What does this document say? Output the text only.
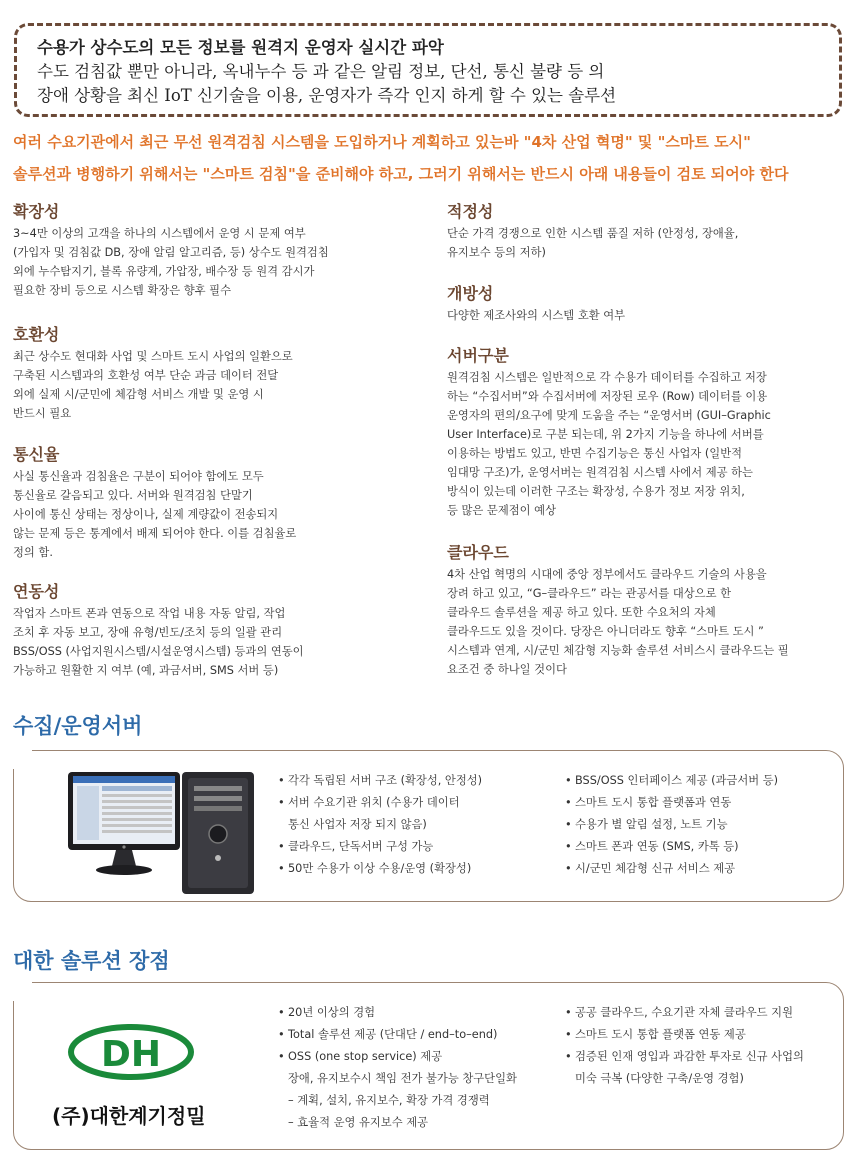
수용가 상수도의 모든 정보를 원격지 운영자 실시간 파악
수도 검침값 뿐만 아니라, 옥내누수 등 과 같은 알림 정보, 단선, 통신 불량 등 의
장애 상황을 최신 IoT 신기술을 이용, 운영자가 즉각 인지 하게 할 수 있는 솔루션
여러 수요기관에서 최근 무선 원격검침 시스템을 도입하거나 계획하고 있는바 "4차 산업 혁명" 및 "스마트 도시"
솔루션과 병행하기 위해서는 "스마트 검침"을 준비해야 하고, 그러기 위해서는 반드시 아래 내용들이 검토 되어야 한다
확장성

3~4만 이상의 고객을 하나의 시스템에서 운영 시 문제 여부

(가입자 및 검침값 DB, 장애 알림 알고리즘, 등) 상수도 원격검침

외에 누수탐지기, 블록 유량계, 가압장, 배수장 등 원격 감시가

필요한 장비 등으로 시스템 확장은 향후 필수

호환성

최근 상수도 현대화 사업 및 스마트 도시 사업의 일환으로

구축된 시스템과의 호환성 여부 단순 과금 데이터 전달

외에 실제 시/군민에 체감형 서비스 개발 및 운영 시

반드시 필요

통신율

사실 통신율과 검침율은 구분이 되어야 함에도 모두

통신율로 갈음되고 있다. 서버와 원격검침 단말기

사이에 통신 상태는 정상이나, 실제 계량값이 전송되지

않는 문제 등은 통계에서 배제 되어야 한다. 이를 검침율로

정의 함.

연동성

작업자 스마트 폰과 연동으로 작업 내용 자동 알림, 작업

조치 후 자동 보고, 장애 유형/빈도/조치 등의 일괄 관리

BSS/OSS (사업지원시스템/시설운영시스템) 등과의 연동이

가능하고 원활한 지 여부 (예, 과금서버, SMS 서버 등)

적정성

단순 가격 경쟁으로 인한 시스템 품질 저하 (안정성, 장애율,

유지보수 등의 저하)

개방성

다양한 제조사와의 시스템 호환 여부

서버구분

원격검침 시스템은 일반적으로 각 수용가 데이터를 수집하고 저장

하는 “수집서버”와 수집서버에 저장된 로우 (Row) 데이터를 이용

운영자의 편의/요구에 맞게 도움을 주는 “운영서버 (GUI–Graphic

User Interface)로 구분 되는데, 위 2가지 기능을 하나에 서버를

이용하는 방법도 있고, 반면 수집기능은 통신 사업자 (일반적

임대망 구조)가, 운영서버는 원격검침 시스템 사에서 제공 하는

방식이 있는데 이러한 구조는 확장성, 수용가 정보 저장 위치,

등 많은 문제점이 예상

클라우드

4차 산업 혁명의 시대에 중앙 정부에서도 클라우드 기술의 사용을

장려 하고 있고, “G–클라우드” 라는 관공서를 대상으로 한

클라우드 솔루션을 제공 하고 있다. 또한 수요처의 자체

클라우드도 있을 것이다. 당장은 아니더라도 향후 “스마트 도시 ”

시스템과 연계, 시/군민 체감형 지능화 솔루션 서비스시 클라우드는 필

요조건 중 하나일 것이다

수집/운영서버
• 각각 독립된 서버 구조 (확장성, 안정성)
• 서버 수요기관 위치 (수용가 데이터
통신 사업자 저장 되지 않음)
• 클라우드, 단독서버 구성 가능
• 50만 수용가 이상 수용/운영 (확장성)
• BSS/OSS 인터페이스 제공 (과금서버 등)
• 스마트 도시 통합 플랫폼과 연동
• 수용가 별 알림 설정, 노트 기능
• 스마트 폰과 연동 (SMS, 카톡 등)
• 시/군민 체감형 신규 서비스 제공
대한 솔루션 장점
DH
(주)대한계기정밀
• 20년 이상의 경험
• Total 솔루션 제공 (단대단 / end–to–end)
• OSS (one stop service) 제공
장애, 유지보수시 책임 전가 불가능 창구단일화
– 계획, 설치, 유지보수, 확장 가격 경쟁력
– 효율적 운영 유지보수 제공
• 공공 클라우드, 수요기관 자체 클라우드 지원
• 스마트 도시 통합 플랫폼 연동 제공
• 검증된 인재 영입과 과감한 투자로 신규 사업의
미숙 극복 (다양한 구축/운영 경험)
